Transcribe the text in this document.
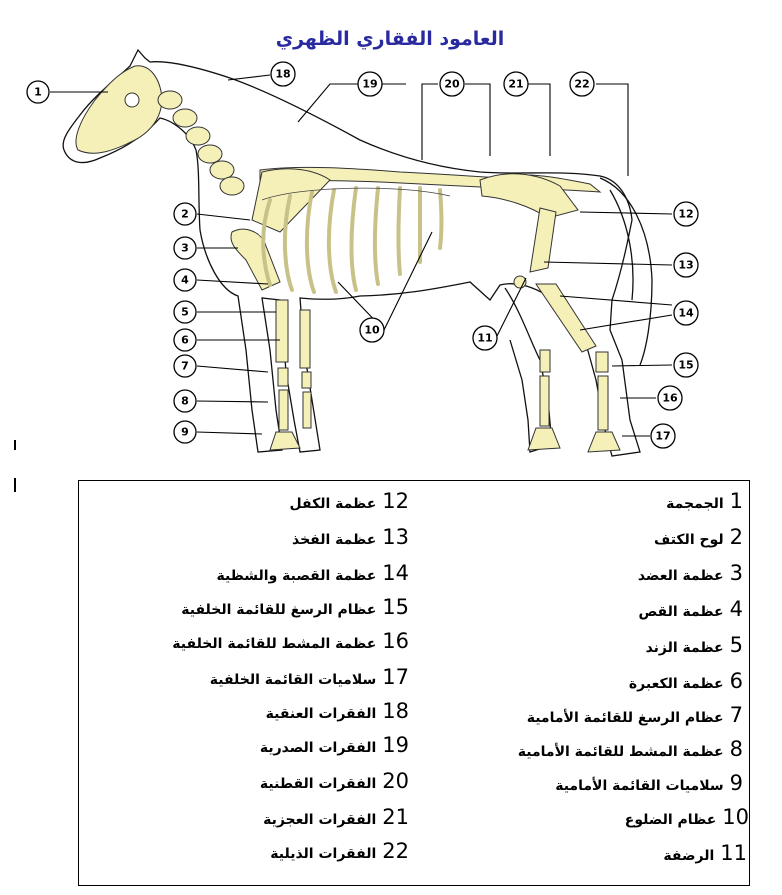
العامود الفقاري الظهري
1
2
3
4
5
6
7
8
9
10
11
12
13
14
15
16
17
18
19	20	21	22
1الجمجمة
2لوح الكتف
3عظمة العضد
4عظمة القص
5عظمة الزند
6عظمة الكعبرة
7عظام الرسغ للقائمة الأمامية
8عظمة المشط للقائمة الأمامية
9سلاميات القائمة الأمامية
10عظام الضلوع
11الرضفة
12عظمة الكفل
13عظمة الفخذ
14عظمة القصبة والشظية
15عظام الرسغ للقائمة الخلفية
16عظمة المشط للقائمة الخلفية
17سلاميات القائمة الخلفية
18الفقرات العنقية
19الفقرات الصدرية
20الفقرات القطنية
21الفقرات العجزية
22الفقرات الذيلية
